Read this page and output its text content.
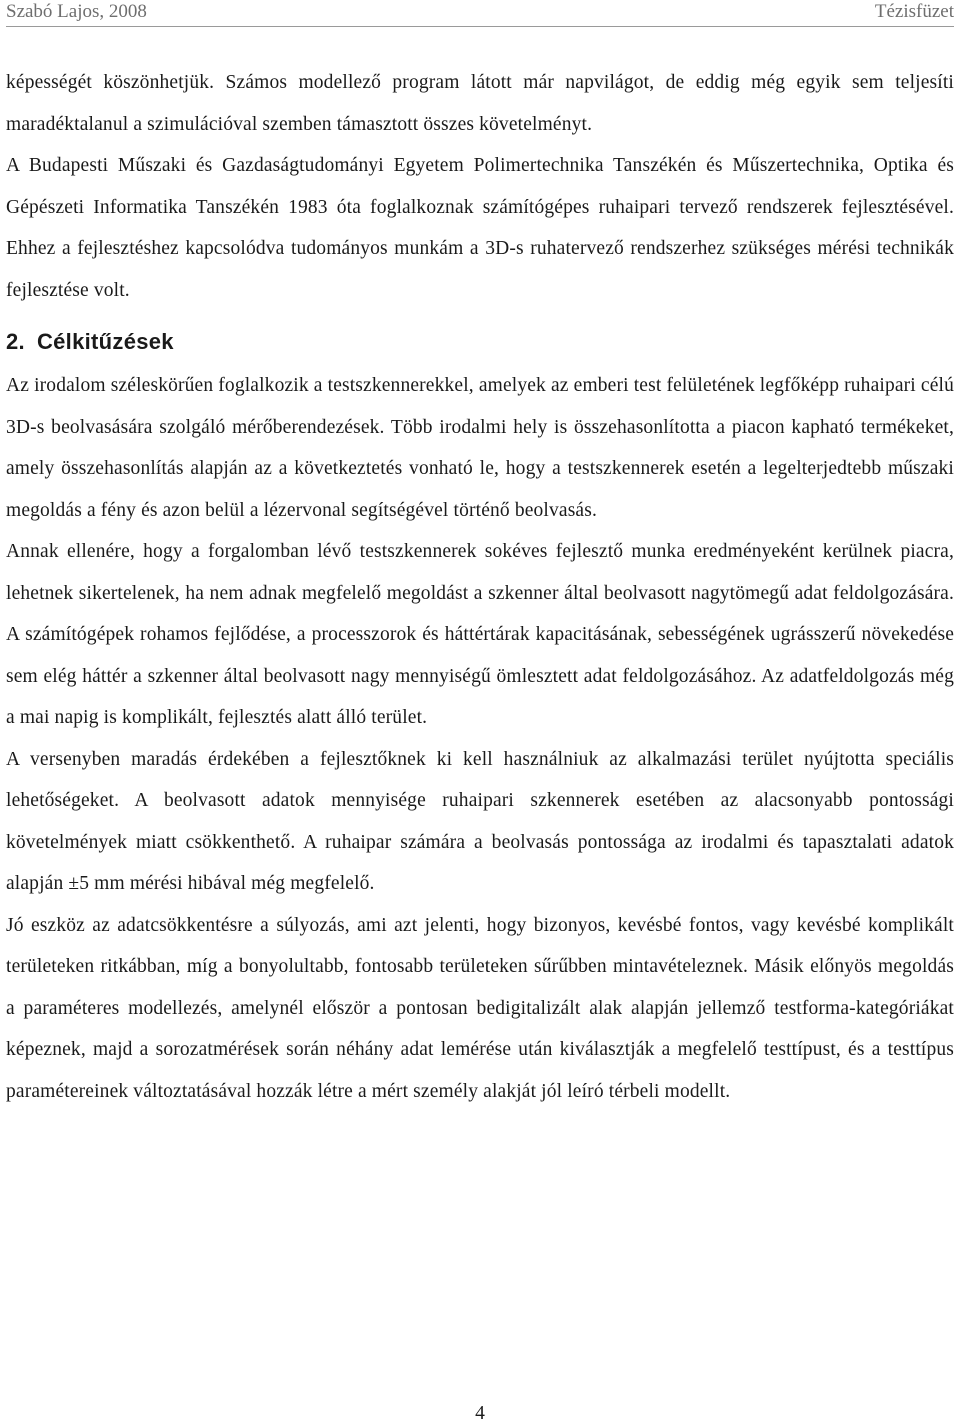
Szabó Lajos, 2008	Tézisfüzet

képességét köszönhetjük. Számos modellező program látott már napvilágot, de eddig még egyik sem teljesíti maradéktalanul a szimulációval szemben támasztott összes követelményt.

A Budapesti Műszaki és Gazdaságtudományi Egyetem Polimertechnika Tanszékén és Műszertechnika, Optika és Gépészeti Informatika Tanszékén 1983 óta foglalkoznak számítógépes ruhaipari tervező rendszerek fejlesztésével. Ehhez a fejlesztéshez kapcsolódva tudományos munkám a 3D-s ruhatervező rendszerhez szükséges mérési technikák fejlesztése volt.

2. Célkitűzések

Az irodalom széleskörűen foglalkozik a testszkennerekkel, amelyek az emberi test felületének legfőképp ruhaipari célú 3D-s beolvasására szolgáló mérőberendezések. Több irodalmi hely is összehasonlította a piacon kapható termékeket, amely összehasonlítás alapján az a következtetés vonható le, hogy a testszkennerek esetén a legelterjedtebb műszaki megoldás a fény és azon belül a lézervonal segítségével történő beolvasás.

Annak ellenére, hogy a forgalomban lévő testszkennerek sokéves fejlesztő munka eredményeként kerülnek piacra, lehetnek sikertelenek, ha nem adnak megfelelő megoldást a szkenner által beolvasott nagytömegű adat feldolgozására. A számítógépek rohamos fejlődése, a processzorok és háttértárak kapacitásának, sebességének ugrásszerű növekedése sem elég háttér a szkenner által beolvasott nagy mennyiségű ömlesztett adat feldolgozásához. Az adatfeldolgozás még a mai napig is komplikált, fejlesztés alatt álló terület.

A versenyben maradás érdekében a fejlesztőknek ki kell használniuk az alkalmazási terület nyújtotta speciális lehetőségeket. A beolvasott adatok mennyisége ruhaipari szkennerek esetében az alacsonyabb pontossági követelmények miatt csökkenthető. A ruhaipar számára a beolvasás pontossága az irodalmi és tapasztalati adatok alapján ±5 mm mérési hibával még megfelelő.

Jó eszköz az adatcsökkentésre a súlyozás, ami azt jelenti, hogy bizonyos, kevésbé fontos, vagy kevésbé komplikált területeken ritkábban, míg a bonyolultabb, fontosabb területeken sűrűbben mintavételeznek. Másik előnyös megoldás a paraméteres modellezés, amelynél először a pontosan bedigitalizált alak alapján jellemző testforma-kategóriákat képeznek, majd a sorozatmérések során néhány adat lemérése után kiválasztják a megfelelő testtípust, és a testtípus paramétereinek változtatásával hozzák létre a mért személy alakját jól leíró térbeli modellt.

4
